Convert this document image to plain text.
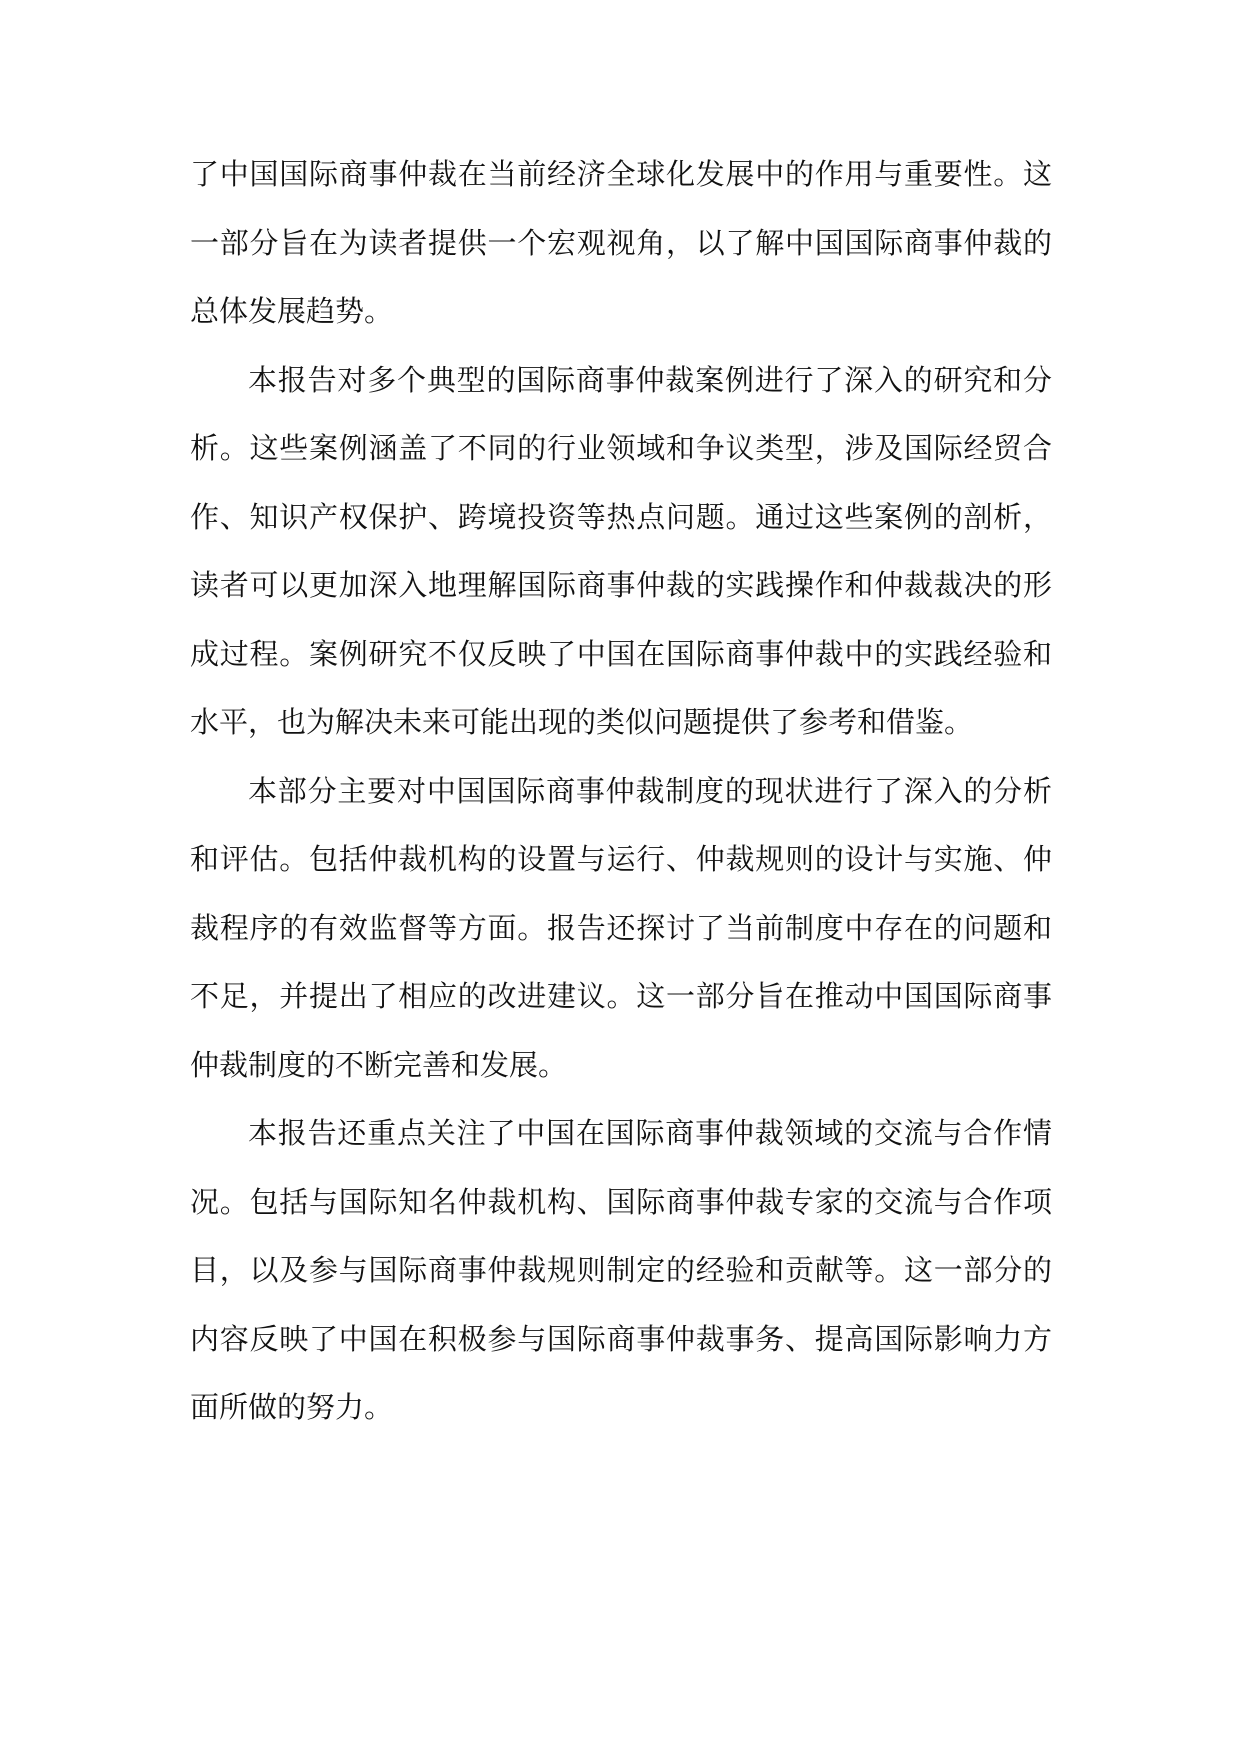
了中国国际商事仲裁在当前经济全球化发展中的作用与重要性。这一部分旨在为读者提供一个宏观视角，以了解中国国际商事仲裁的总体发展趋势。

本报告对多个典型的国际商事仲裁案例进行了深入的研究和分析。这些案例涵盖了不同的行业领域和争议类型，涉及国际经贸合作、知识产权保护、跨境投资等热点问题。通过这些案例的剖析，读者可以更加深入地理解国际商事仲裁的实践操作和仲裁裁决的形成过程。案例研究不仅反映了中国在国际商事仲裁中的实践经验和水平，也为解决未来可能出现的类似问题提供了参考和借鉴。

本部分主要对中国国际商事仲裁制度的现状进行了深入的分析和评估。包括仲裁机构的设置与运行、仲裁规则的设计与实施、仲裁程序的有效监督等方面。报告还探讨了当前制度中存在的问题和不足，并提出了相应的改进建议。这一部分旨在推动中国国际商事仲裁制度的不断完善和发展。

本报告还重点关注了中国在国际商事仲裁领域的交流与合作情况。包括与国际知名仲裁机构、国际商事仲裁专家的交流与合作项目，以及参与国际商事仲裁规则制定的经验和贡献等。这一部分的内容反映了中国在积极参与国际商事仲裁事务、提高国际影响力方面所做的努力。
